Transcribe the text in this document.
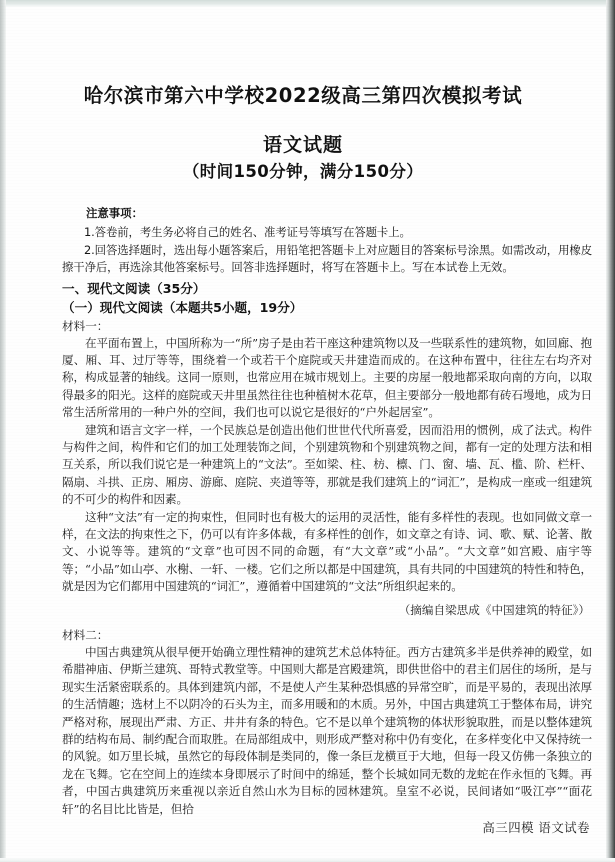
哈尔滨市第六中学校2022级高三第四次模拟考试
语文试题
（时间150分钟，满分150分）
注意事项：

1.答卷前，考生务必将自己的姓名、准考证号等填写在答题卡上。

2.回答选择题时，选出每小题答案后，用铅笔把答题卡上对应题目的答案标号涂黑。如需改动，用橡皮擦干净后，再选涂其他答案标号。回答非选择题时，将写在答题卡上。写在本试卷上无效。

一、现代文阅读（35分）
（一）现代文阅读（本题共5小题，19分）
材料一：

在平面布置上，中国所称为一“所”房子是由若干座这种建筑物以及一些联系性的建筑物，如回廊、抱厦、厢、耳、过厅等等，围绕着一个或若干个庭院或天井建造而成的。在这种布置中，往往左右均齐对称，构成显著的轴线。这同一原则，也常应用在城市规划上。主要的房屋一般地都采取向南的方向，以取得最多的阳光。这样的庭院或天井里虽然往往也种植树木花草，但主要部分一般地都有砖石墁地，成为日常生活所常用的一种户外的空间，我们也可以说它是很好的“户外起居室”。

建筑和语言文字一样，一个民族总是创造出他们世世代代所喜爱，因而沿用的惯例，成了法式。构件与构件之间，构件和它们的加工处理装饰之间，个别建筑物和个别建筑物之间，都有一定的处理方法和相互关系，所以我们说它是一种建筑上的“文法”。至如梁、柱、枋、檩、门、窗、墙、瓦、槛、阶、栏杆、隔扇、斗拱、正房、厢房、游廊、庭院、夹道等等，那就是我们建筑上的“词汇”，是构成一座或一组建筑的不可少的构件和因素。

这种“文法”有一定的拘束性，但同时也有极大的运用的灵活性，能有多样性的表现。也如同做文章一样，在文法的拘束性之下，仍可以有许多体裁，有多样性的创作，如文章之有诗、词、歌、赋、论著、散文、小说等等。建筑的“文章”也可因不同的命题，有“大文章”或“小品”。“大文章”如宫殿、庙宇等等；“小品”如山亭、水榭、一轩、一楼。它们之所以都是中国建筑，具有共同的中国建筑的特性和特色，就是因为它们都用中国建筑的“词汇”，遵循着中国建筑的“文法”所组织起来的。

（摘编自梁思成《中国建筑的特征》）

材料二：

中国古典建筑从很早便开始确立理性精神的建筑艺术总体特征。西方古建筑多半是供养神的殿堂，如希腊神庙、伊斯兰建筑、哥特式教堂等。中国则大都是宫殿建筑，即供世俗中的君主们居住的场所，是与现实生活紧密联系的。具体到建筑内部，不是使人产生某种恐惧感的异常空旷，而是平易的，表现出浓厚的生活情趣；选材上不以阴冷的石头为主，而多用暖和的木质。另外，中国古典建筑工于整体布局，讲究严格对称，展现出严肃、方正、井井有条的特色。它不是以单个建筑物的体状形貌取胜，而是以整体建筑群的结构布局、制约配合而取胜。在局部组成中，则形成严整对称中仍有变化，在多样变化中又保持统一的风貌。如万里长城，虽然它的每段体制是类同的，像一条巨龙横亘于大地，但每一段又仿佛一条独立的龙在飞舞。它在空间上的连续本身即展示了时间中的绵延，整个长城如同无数的龙蛇在作永恒的飞舞。再者，中国古典建筑历来重视以亲近自然山水为目标的园林建筑。皇室不必说，民间诸如“吸江亭”“面花轩”的名目比比皆是，但拾

高三四模 语文试卷
